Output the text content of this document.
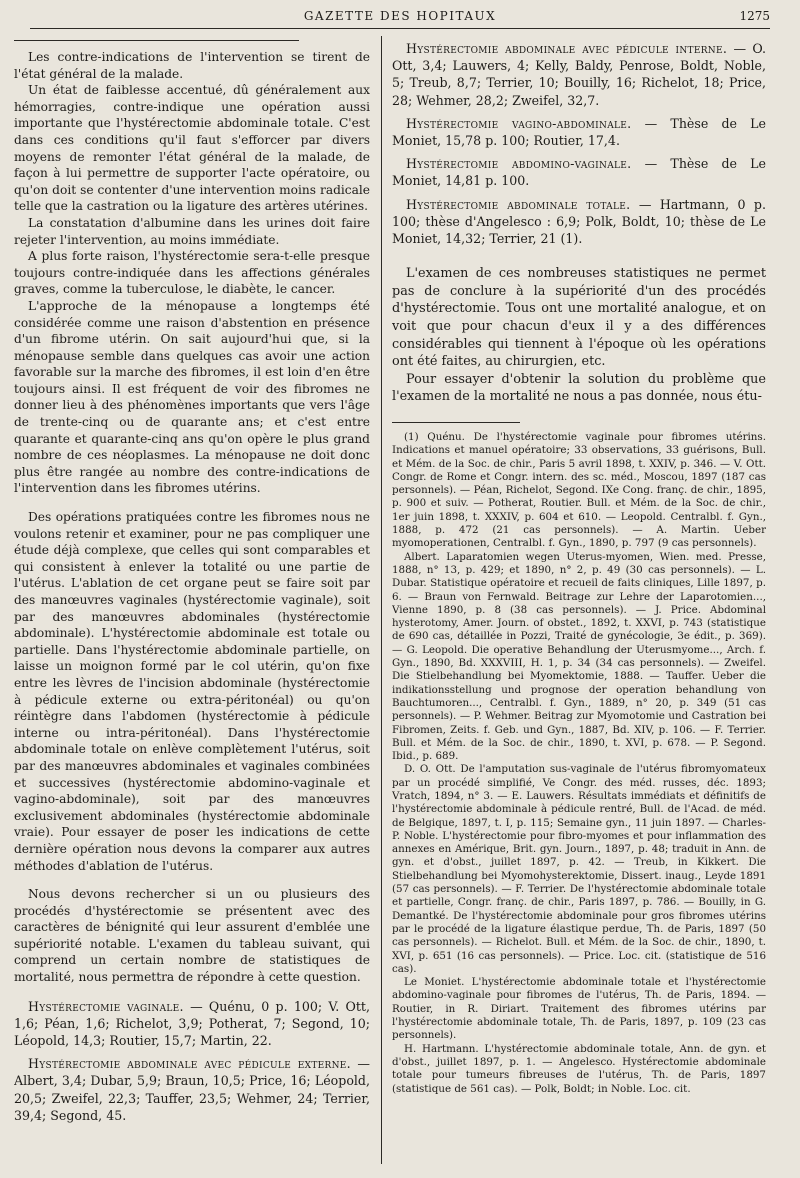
GAZETTE DES HOPITAUX	1275

Les contre-indications de l'intervention se tirent de l'état général de la malade.

Un état de faiblesse accentué, dû généralement aux hémorragies, contre-indique une opération aussi importante que l'hystérectomie abdominale totale. C'est dans ces conditions qu'il faut s'efforcer par divers moyens de remonter l'état général de la malade, de façon à lui permettre de supporter l'acte opératoire, ou qu'on doit se contenter d'une intervention moins radicale telle que la castration ou la ligature des artères utérines.

La constatation d'albumine dans les urines doit faire rejeter l'intervention, au moins immédiate.

A plus forte raison, l'hystérectomie sera-t-elle presque toujours contre-indiquée dans les affections générales graves, comme la tuberculose, le diabète, le cancer.

L'approche de la ménopause a longtemps été considérée comme une raison d'abstention en présence d'un fibrome utérin. On sait aujourd'hui que, si la ménopause semble dans quelques cas avoir une action favorable sur la marche des fibromes, il est loin d'en être toujours ainsi. Il est fréquent de voir des fibromes ne donner lieu à des phénomènes importants que vers l'âge de trente-cinq ou de quarante ans; et c'est entre quarante et quarante-cinq ans qu'on opère le plus grand nombre de ces néoplasmes. La ménopause ne doit donc plus être rangée au nombre des contre-indications de l'intervention dans les fibromes utérins.

Des opérations pratiquées contre les fibromes nous ne voulons retenir et examiner, pour ne pas compliquer une étude déjà complexe, que celles qui sont comparables et qui consistent à enlever la totalité ou une partie de l'utérus. L'ablation de cet organe peut se faire soit par des manœuvres vaginales (hystérectomie vaginale), soit par des manœuvres abdominales (hystérectomie abdominale). L'hystérectomie abdominale est totale ou partielle. Dans l'hystérectomie abdominale partielle, on laisse un moignon formé par le col utérin, qu'on fixe entre les lèvres de l'incision abdominale (hystérectomie à pédicule externe ou extra-péritonéal) ou qu'on réintègre dans l'abdomen (hystérectomie à pédicule interne ou intra-péritonéal). Dans l'hystérectomie abdominale totale on enlève complètement l'utérus, soit par des manœuvres abdominales et vaginales combinées et successives (hystérectomie abdomino-vaginale et vagino-abdominale), soit par des manœuvres exclusivement abdominales (hystérectomie abdominale vraie). Pour essayer de poser les indications de cette dernière opération nous devons la comparer aux autres méthodes d'ablation de l'utérus.

Nous devons rechercher si un ou plusieurs des procédés d'hystérectomie se présentent avec des caractères de bénignité qui leur assurent d'emblée une supériorité notable. L'examen du tableau suivant, qui comprend un certain nombre de statistiques de mortalité, nous permettra de répondre à cette question.

Hystérectomie vaginale. — Quénu, 0 p. 100; V. Ott, 1,6; Péan, 1,6; Richelot, 3,9; Potherat, 7; Segond, 10; Léopold, 14,3; Routier, 15,7; Martin, 22.

Hystérectomie abdominale avec pédicule externe. — Albert, 3,4; Dubar, 5,9; Braun, 10,5; Price, 16; Léopold, 20,5; Zweifel, 22,3; Tauffer, 23,5; Wehmer, 24; Terrier, 39,4; Segond, 45.

Hystérectomie abdominale avec pédicule interne. — O. Ott, 3,4; Lauwers, 4; Kelly, Baldy, Penrose, Boldt, Noble, 5; Treub, 8,7; Terrier, 10; Bouilly, 16; Richelot, 18; Price, 28; Wehmer, 28,2; Zweifel, 32,7.

Hystérectomie vagino-abdominale. — Thèse de Le Moniet, 15,78 p. 100; Routier, 17,4.

Hystérectomie abdomino-vaginale. — Thèse de Le Moniet, 14,81 p. 100.

Hystérectomie abdominale totale. — Hartmann, 0 p. 100; thèse d'Angelesco : 6,9; Polk, Boldt, 10; thèse de Le Moniet, 14,32; Terrier, 21 (1).

L'examen de ces nombreuses statistiques ne permet pas de conclure à la supériorité d'un des procédés d'hystérectomie. Tous ont une mortalité analogue, et on voit que pour chacun d'eux il y a des différences considérables qui tiennent à l'époque où les opérations ont été faites, au chirurgien, etc.

Pour essayer d'obtenir la solution du problème que l'examen de la mortalité ne nous a pas donnée, nous étu-

(1) Quénu. De l'hystérectomie vaginale pour fibromes utérins. Indications et manuel opératoire; 33 observations, 33 guérisons, Bull. et Mém. de la Soc. de chir., Paris 5 avril 1898, t. XXIV, p. 346. — V. Ott. Congr. de Rome et Congr. intern. des sc. méd., Moscou, 1897 (187 cas personnels). — Péan, Richelot, Segond. IXe Cong. franç. de chir., 1895, p. 900 et suiv. — Potherat, Routier. Bull. et Mém. de la Soc. de chir., 1er juin 1898, t. XXXIV, p. 604 et 610. — Leopold. Centralbl. f. Gyn., 1888, p. 472 (21 cas personnels). — A. Martin. Ueber myomoperationen, Centralbl. f. Gyn., 1890, p. 797 (9 cas personnels).

Albert. Laparatomien wegen Uterus-myomen, Wien. med. Presse, 1888, n° 13, p. 429; et 1890, n° 2, p. 49 (30 cas personnels). — L. Dubar. Statistique opératoire et recueil de faits cliniques, Lille 1897, p. 6. — Braun von Fernwald. Beitrage zur Lehre der Laparotomien..., Vienne 1890, p. 8 (38 cas personnels). — J. Price. Abdominal hysterotomy, Amer. Journ. of obstet., 1892, t. XXVI, p. 743 (statistique de 690 cas, détaillée in Pozzi, Traité de gynécologie, 3e édit., p. 369). — G. Leopold. Die operative Behandlung der Uterusmyome..., Arch. f. Gyn., 1890, Bd. XXXVIII, H. 1, p. 34 (34 cas personnels). — Zweifel. Die Stielbehandlung bei Myomektomie, 1888. — Tauffer. Ueber die indikationsstellung und prognose der operation behandlung von Bauchtumoren..., Centralbl. f. Gyn., 1889, n° 20, p. 349 (51 cas personnels). — P. Wehmer. Beitrag zur Myomotomie und Castration bei Fibromen, Zeits. f. Geb. und Gyn., 1887, Bd. XIV, p. 106. — F. Terrier. Bull. et Mém. de la Soc. de chir., 1890, t. XVI, p. 678. — P. Segond. Ibid., p. 689.

D. O. Ott. De l'amputation sus-vaginale de l'utérus fibromyomateux par un procédé simplifié, Ve Congr. des méd. russes, déc. 1893; Vratch, 1894, n° 3. — E. Lauwers. Résultats immédiats et définitifs de l'hystérectomie abdominale à pédicule rentré, Bull. de l'Acad. de méd. de Belgique, 1897, t. I, p. 115; Semaine gyn., 11 juin 1897. — Charles-P. Noble. L'hystérectomie pour fibro-myomes et pour inflammation des annexes en Amérique, Brit. gyn. Journ., 1897, p. 48; traduit in Ann. de gyn. et d'obst., juillet 1897, p. 42. — Treub, in Kikkert. Die Stielbehandlung bei Myomohysterektomie, Dissert. inaug., Leyde 1891 (57 cas personnels). — F. Terrier. De l'hystérectomie abdominale totale et partielle, Congr. franç. de chir., Paris 1897, p. 786. — Bouilly, in G. Demantké. De l'hystérectomie abdominale pour gros fibromes utérins par le procédé de la ligature élastique perdue, Th. de Paris, 1897 (50 cas personnels). — Richelot. Bull. et Mém. de la Soc. de chir., 1890, t. XVI, p. 651 (16 cas personnels). — Price. Loc. cit. (statistique de 516 cas).

Le Moniet. L'hystérectomie abdominale totale et l'hystérectomie abdomino-vaginale pour fibromes de l'utérus, Th. de Paris, 1894. — Routier, in R. Diriart. Traitement des fibromes utérins par l'hystérectomie abdominale totale, Th. de Paris, 1897, p. 109 (23 cas personnels).

H. Hartmann. L'hystérectomie abdominale totale, Ann. de gyn. et d'obst., juillet 1897, p. 1. — Angelesco. Hystérectomie abdominale totale pour tumeurs fibreuses de l'utérus, Th. de Paris, 1897 (statistique de 561 cas). — Polk, Boldt; in Noble. Loc. cit.
